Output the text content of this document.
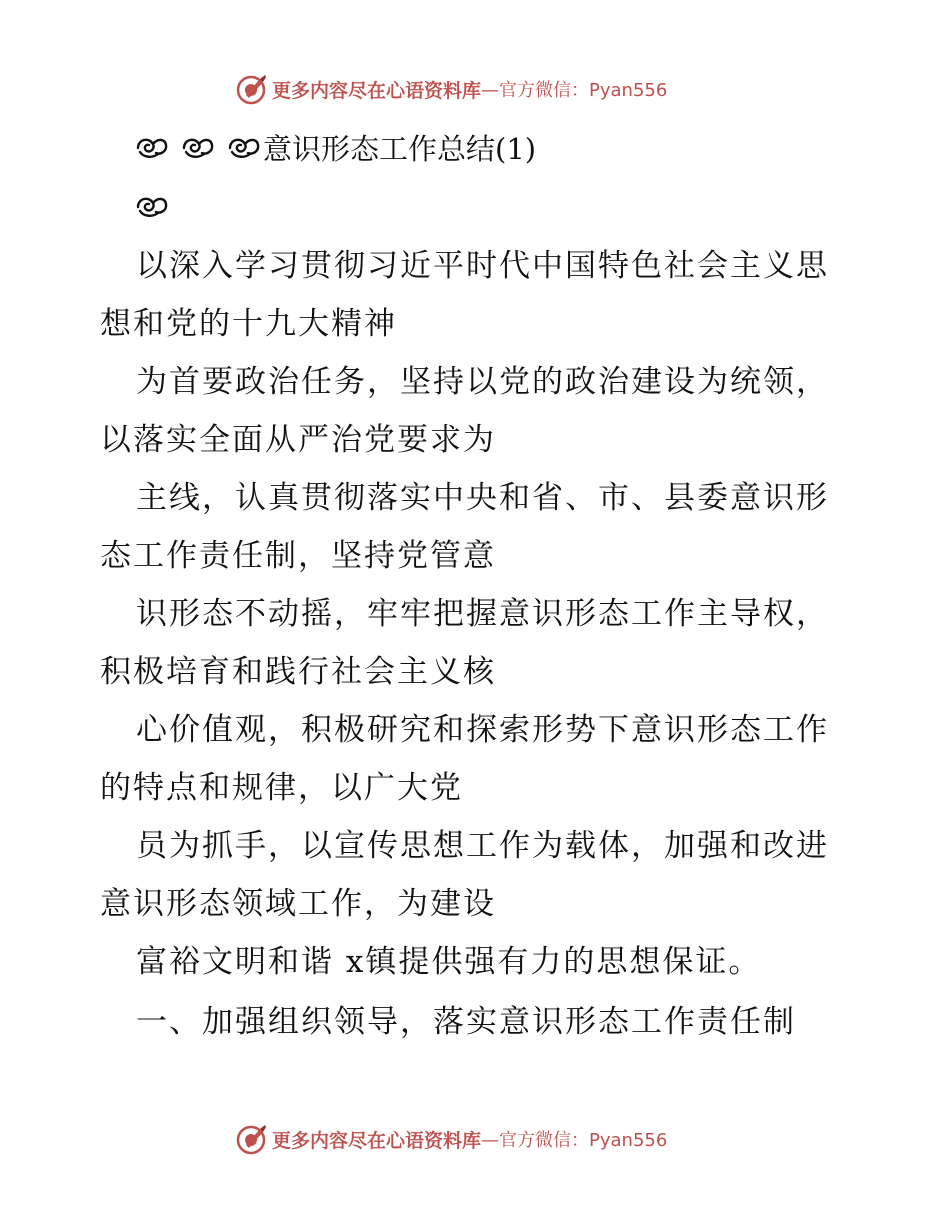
更多内容尽在心语资料库 —官方微信：Pyan556
意识形态工作总结(1)
以深入学习贯彻习近平时代中国特色社会主义思
想和党的十九大精神
为首要政治任务，坚持以党的政治建设为统领，
以落实全面从严治党要求为
主线，认真贯彻落实中央和省、市、县委意识形
态工作责任制，坚持党管意
识形态不动摇，牢牢把握意识形态工作主导权，
积极培育和践行社会主义核
心价值观，积极研究和探索形势下意识形态工作
的特点和规律，以广大党
员为抓手，以宣传思想工作为载体，加强和改进
意识形态领域工作，为建设
富裕文明和谐 x镇提供强有力的思想保证。
一、加强组织领导，落实意识形态工作责任制
更多内容尽在心语资料库 —官方微信：Pyan556
